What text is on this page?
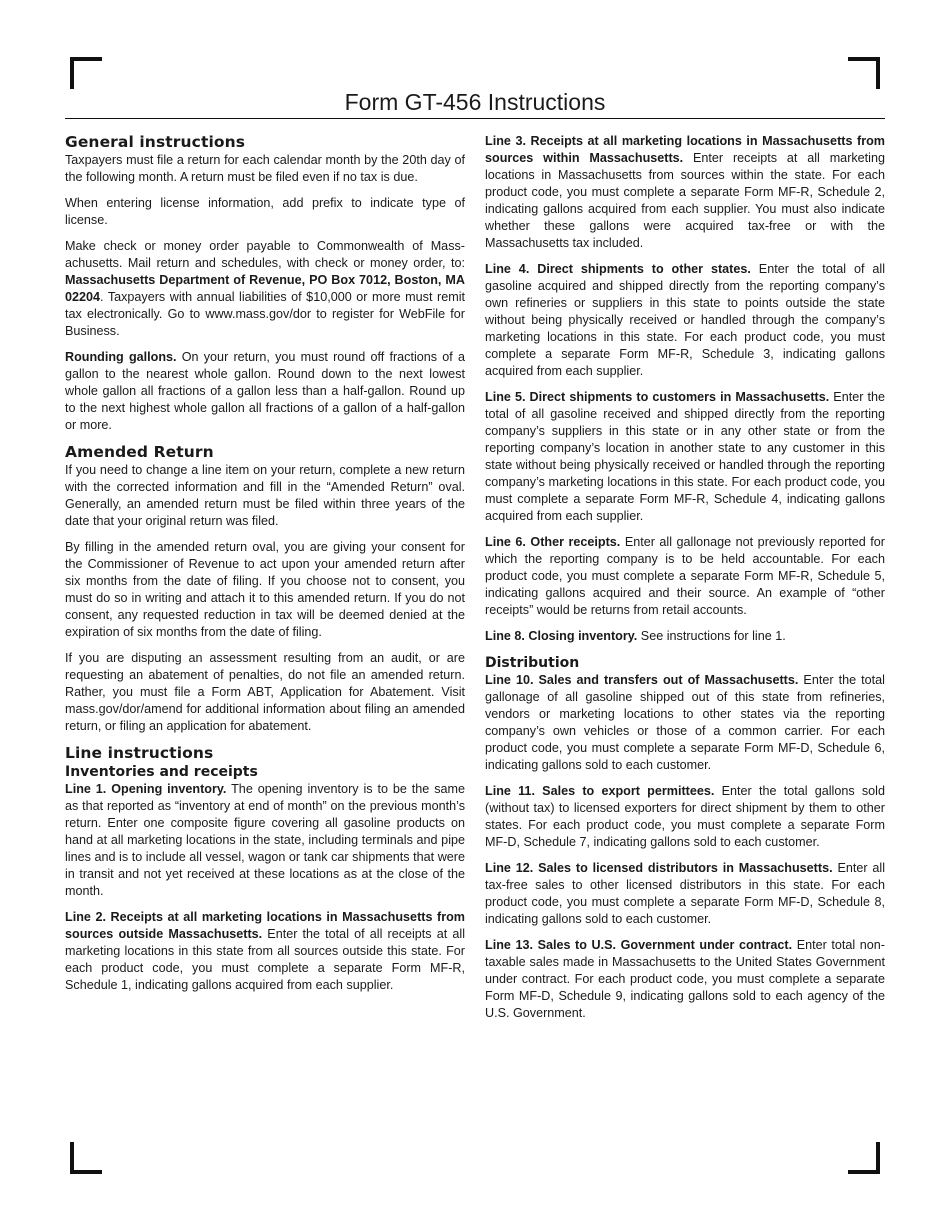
Form GT-456 Instructions
General instructions

Taxpayers must file a return for each calendar month by the 20th day of the following month. A return must be filed even if no tax is due.

When entering license information, add prefix to indicate type of license.

Make check or money order payable to Commonwealth of Massachusetts. Mail return and schedules, with check or money order, to: Massachusetts Department of Revenue, PO Box 7012, Boston, MA 02204. Taxpayers with annual liabilities of $10,000 or more must remit tax electronically. Go to www.mass.gov/dor to register for WebFile for Business.

Rounding gallons. On your return, you must round off fractions of a gallon to the nearest whole gallon. Round down to the next lowest whole gallon all fractions of a gallon less than a half-gallon. Round up to the next highest whole gallon all fractions of a gallon of a half-gallon or more.

Amended Return

If you need to change a line item on your return, complete a new return with the corrected information and fill in the “Amended Return” oval. Generally, an amended return must be filed within three years of the date that your original return was filed.

By filling in the amended return oval, you are giving your consent for the Commissioner of Revenue to act upon your amended return after six months from the date of filing. If you choose not to consent, you must do so in writing and attach it to this amended return. If you do not consent, any requested reduction in tax will be deemed denied at the expiration of six months from the date of filing.

If you are disputing an assessment resulting from an audit, or are requesting an abatement of penalties, do not file an amended return. Rather, you must file a Form ABT, Application for Abatement. Visit mass.gov/dor/amend for additional information about filing an amended return, or filing an application for abatement.

Line instructions
Inventories and receipts

Line 1. Opening inventory. The opening inventory is to be the same as that reported as “inventory at end of month” on the previous month’s return. Enter one composite figure covering all gasoline products on hand at all marketing locations in the state, including terminals and pipe lines and is to include all vessel, wagon or tank car shipments that were in transit and not yet received at these locations as at the close of the month.

Line 2. Receipts at all marketing locations in Massachusetts from sources outside Massachusetts. Enter the total of all receipts at all marketing locations in this state from all sources outside this state. For each product code, you must complete a separate Form MF-R, Schedule 1, indicating gallons acquired from each supplier.

Line 3. Receipts at all marketing locations in Massachusetts from sources within Massachusetts. Enter receipts at all marketing locations in Massachusetts from sources within the state. For each product code, you must complete a separate Form MF-R, Schedule 2, indicating gallons acquired from each supplier. You must also indicate whether these gallons were acquired tax-free or with the Massachusetts tax included.

Line 4. Direct shipments to other states. Enter the total of all gasoline acquired and shipped directly from the reporting company’s own refineries or suppliers in this state to points outside the state without being physically received or handled through the company’s marketing locations in this state. For each product code, you must complete a separate Form MF-R, Schedule 3, indicating gallons acquired from each supplier.

Line 5. Direct shipments to customers in Massachusetts. Enter the total of all gasoline received and shipped directly from the reporting company’s suppliers in this state or in any other state or from the reporting company’s location in another state to any customer in this state without being physically received or handled through the reporting company’s marketing locations in this state. For each product code, you must complete a separate Form MF-R, Schedule 4, indicating gallons acquired from each supplier.

Line 6. Other receipts. Enter all gallonage not previously reported for which the reporting company is to be held accountable. For each product code, you must complete a separate Form MF-R, Schedule 5, indicating gallons acquired and their source. An example of “other receipts” would be returns from retail accounts.

Line 8. Closing inventory. See instructions for line 1.

Distribution

Line 10. Sales and transfers out of Massachusetts. Enter the total gallonage of all gasoline shipped out of this state from refineries, vendors or marketing locations to other states via the reporting company’s own vehicles or those of a common carrier. For each product code, you must complete a separate Form MF-D, Schedule 6, indicating gallons sold to each customer.

Line 11. Sales to export permittees. Enter the total gallons sold (without tax) to licensed exporters for direct shipment by them to other states. For each product code, you must complete a separate Form MF-D, Schedule 7, indicating gallons sold to each customer.

Line 12. Sales to licensed distributors in Massachusetts. Enter all tax-free sales to other licensed distributors in this state. For each product code, you must complete a separate Form MF-D, Schedule 8, indicating gallons sold to each customer.

Line 13. Sales to U.S. Government under contract. Enter total non-taxable sales made in Massachusetts to the United States Government under contract. For each product code, you must complete a separate Form MF-D, Schedule 9, indicating gallons sold to each agency of the U.S. Government.
